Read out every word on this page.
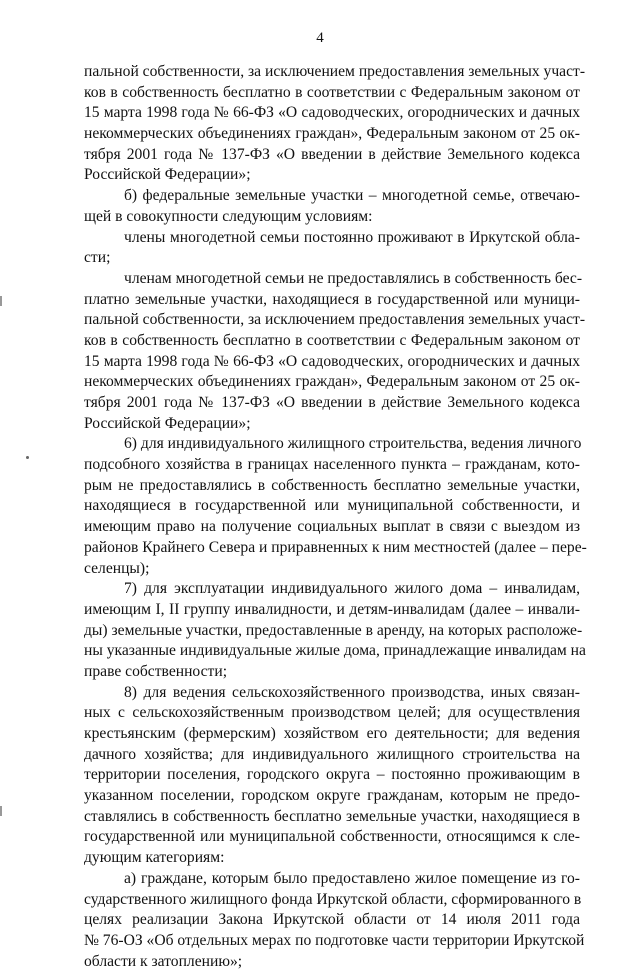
4
пальной собственности, за исключением предоставления земельных участ-
ков в собственность бесплатно в соответствии с Федеральным законом от
15 марта 1998 года № 66-ФЗ «О садоводческих, огороднических и дачных
некоммерческих объединениях граждан», Федеральным законом от 25 ок-
тября 2001 года № 137-ФЗ «О введении в действие Земельного кодекса
Российской Федерации»;
б) федеральные земельные участки – многодетной семье, отвечаю-
щей в совокупности следующим условиям:
члены многодетной семьи постоянно проживают в Иркутской обла-
сти;
членам многодетной семьи не предоставлялись в собственность бес-
платно земельные участки, находящиеся в государственной или муници-
пальной собственности, за исключением предоставления земельных участ-
ков в собственность бесплатно в соответствии с Федеральным законом от
15 марта 1998 года № 66-ФЗ «О садоводческих, огороднических и дачных
некоммерческих объединениях граждан», Федеральным законом от 25 ок-
тября 2001 года № 137-ФЗ «О введении в действие Земельного кодекса
Российской Федерации»;
6) для индивидуального жилищного строительства, ведения личного
подсобного хозяйства в границах населенного пункта – гражданам, кото-
рым не предоставлялись в собственность бесплатно земельные участки,
находящиеся в государственной или муниципальной собственности, и
имеющим право на получение социальных выплат в связи с выездом из
районов Крайнего Севера и приравненных к ним местностей (далее – пере-
селенцы);
7) для эксплуатации индивидуального жилого дома – инвалидам,
имеющим I, II группу инвалидности, и детям-инвалидам (далее – инвали-
ды) земельные участки, предоставленные в аренду, на которых расположе-
ны указанные индивидуальные жилые дома, принадлежащие инвалидам на
праве собственности;
8) для ведения сельскохозяйственного производства, иных связан-
ных с сельскохозяйственным производством целей; для осуществления
крестьянским (фермерским) хозяйством его деятельности; для ведения
дачного хозяйства; для индивидуального жилищного строительства на
территории поселения, городского округа – постоянно проживающим в
указанном поселении, городском округе гражданам, которым не предо-
ставлялись в собственность бесплатно земельные участки, находящиеся в
государственной или муниципальной собственности, относящимся к сле-
дующим категориям:
а) граждане, которым было предоставлено жилое помещение из го-
сударственного жилищного фонда Иркутской области, сформированного в
целях реализации Закона Иркутской области от 14 июля 2011 года
№ 76-ОЗ «Об отдельных мерах по подготовке части территории Иркутской
области к затоплению»;
